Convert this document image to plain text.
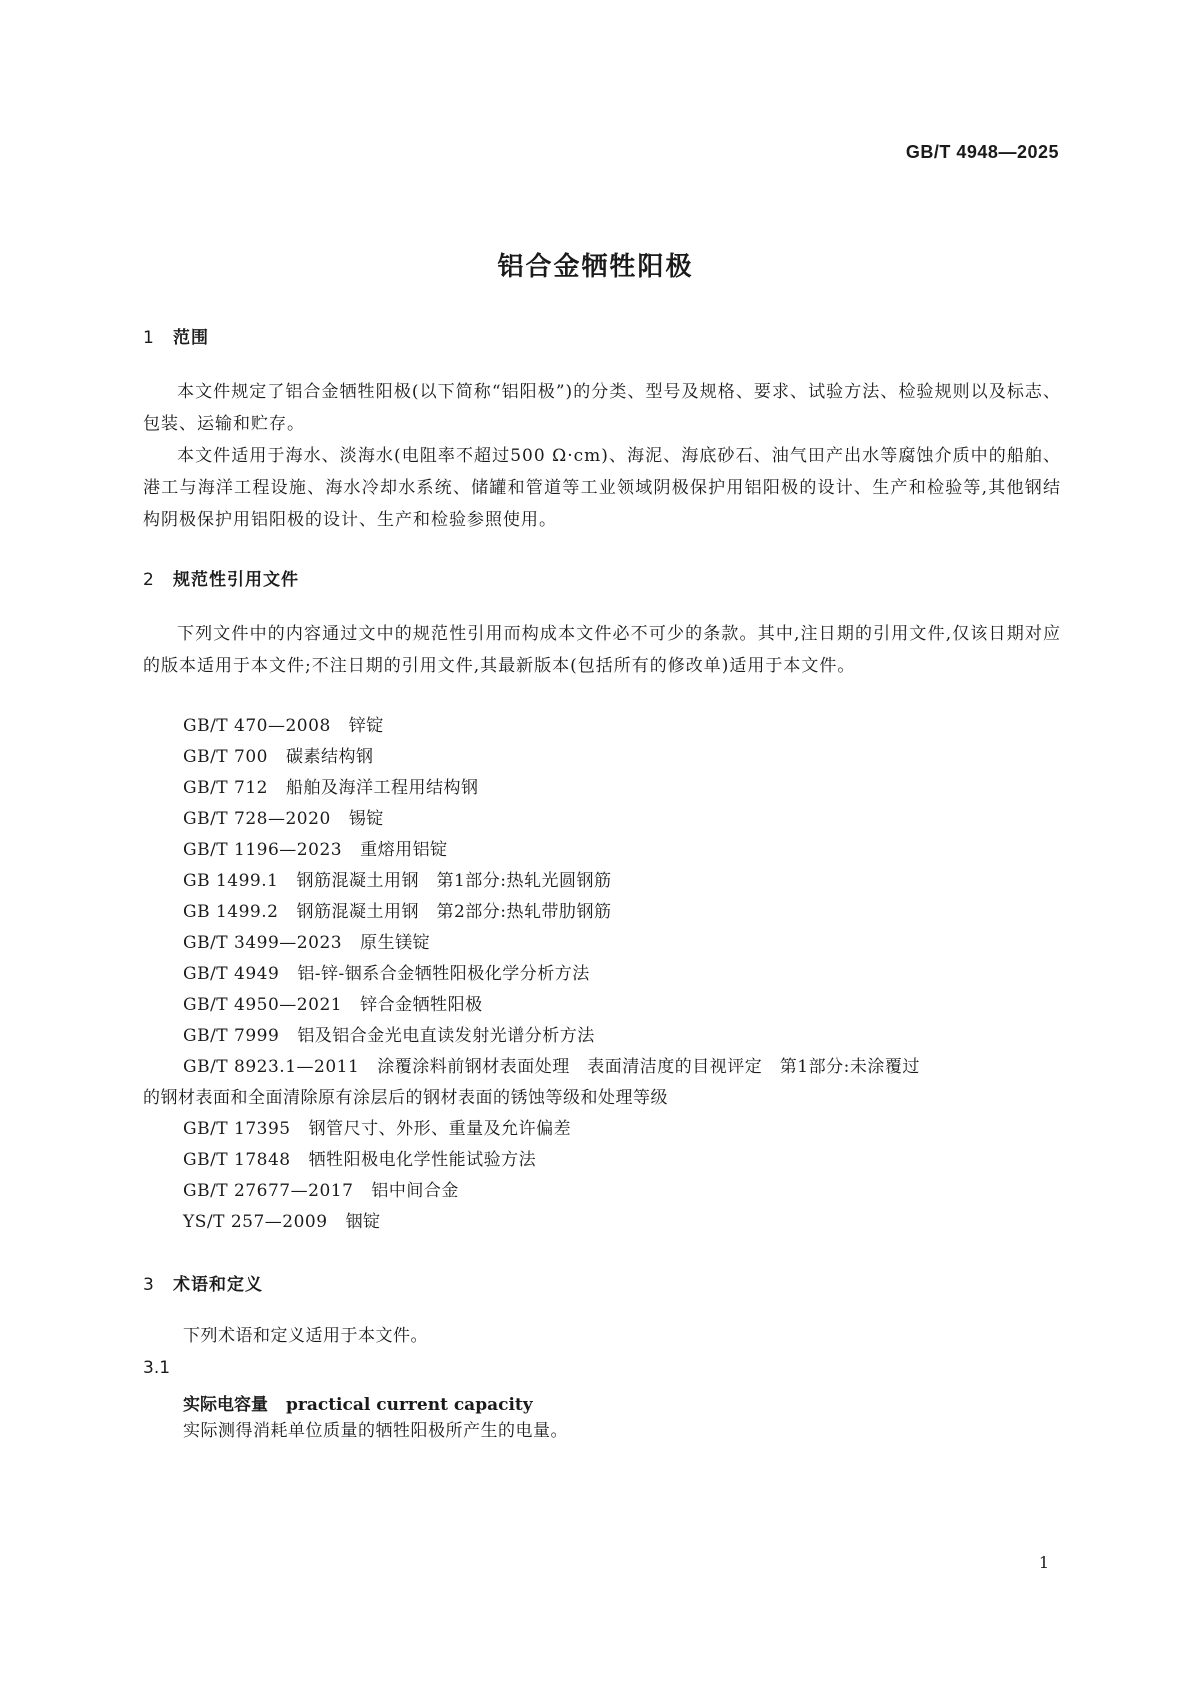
GB/T 4948—2025
铝合金牺牲阳极
1 范围
本文件规定了铝合金牺牲阳极(以下简称“铝阳极”)的分类、型号及规格、要求、试验方法、检验规则以及标志、包装、运输和贮存。
本文件适用于海水、淡海水(电阻率不超过500 Ω·cm)、海泥、海底砂石、油气田产出水等腐蚀介质中的船舶、港工与海洋工程设施、海水冷却水系统、储罐和管道等工业领域阴极保护用铝阳极的设计、生产和检验等,其他钢结构阴极保护用铝阳极的设计、生产和检验参照使用。
2 规范性引用文件
下列文件中的内容通过文中的规范性引用而构成本文件必不可少的条款。其中,注日期的引用文件,仅该日期对应的版本适用于本文件;不注日期的引用文件,其最新版本(包括所有的修改单)适用于本文件。
GB/T 470—2008 锌锭
GB/T 700 碳素结构钢
GB/T 712 船舶及海洋工程用结构钢
GB/T 728—2020 锡锭
GB/T 1196—2023 重熔用铝锭
GB 1499.1 钢筋混凝土用钢　第1部分:热轧光圆钢筋
GB 1499.2 钢筋混凝土用钢　第2部分:热轧带肋钢筋
GB/T 3499—2023 原生镁锭
GB/T 4949 铝-锌-铟系合金牺牲阳极化学分析方法
GB/T 4950—2021 锌合金牺牲阳极
GB/T 7999 铝及铝合金光电直读发射光谱分析方法
GB/T 8923.1—2011 涂覆涂料前钢材表面处理　表面清洁度的目视评定　第1部分:未涂覆过
的钢材表面和全面清除原有涂层后的钢材表面的锈蚀等级和处理等级
GB/T 17395 钢管尺寸、外形、重量及允许偏差
GB/T 17848 牺牲阳极电化学性能试验方法
GB/T 27677—2017 铝中间合金
YS/T 257—2009 铟锭
3 术语和定义
下列术语和定义适用于本文件。
3.1
实际电容量 practical current capacity
实际测得消耗单位质量的牺牲阳极所产生的电量。
1
